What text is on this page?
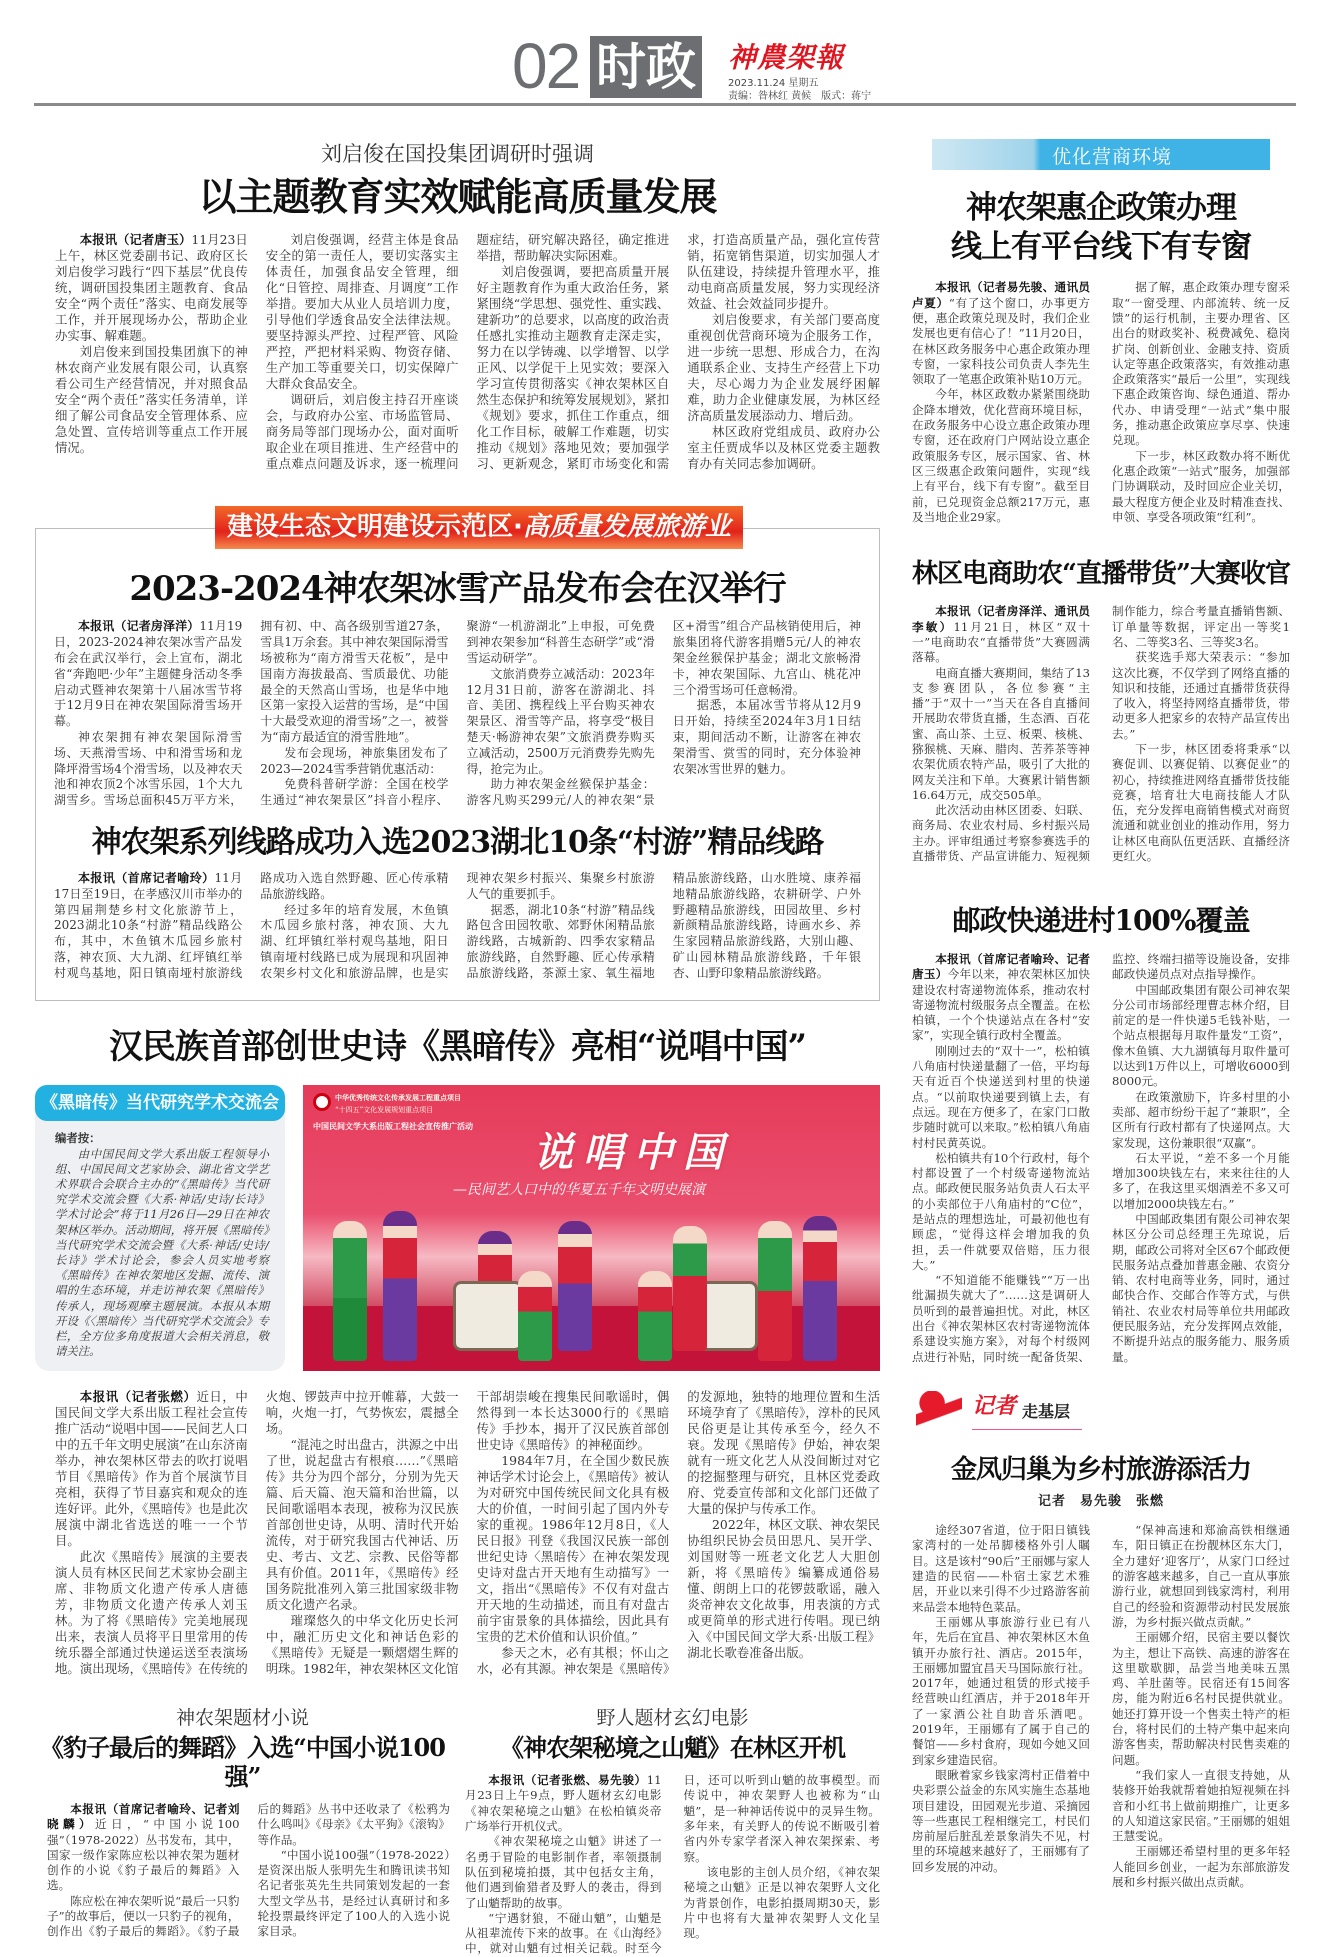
02 时政 神農架報
2023.11.24 星期五
责编：昝林红 黄候　版式：蒋宁
刘启俊在国投集团调研时强调
以主题教育实效赋能高质量发展

本报讯（记者唐玉）11月23日上午，林区党委副书记、政府区长刘启俊学习践行“四下基层”优良传统，调研国投集团主题教育、食品安全“两个责任”落实、电商发展等工作，并开展现场办公，帮助企业办实事、解难题。

刘启俊来到国投集团旗下的神林农商产业发展有限公司，认真察看公司生产经营情况，并对照食品安全“两个责任”落实任务清单，详细了解公司食品安全管理体系、应急处置、宣传培训等重点工作开展情况。

刘启俊强调，经营主体是食品安全的第一责任人，要切实落实主体责任，加强食品安全管理，细化“日管控、周排查、月调度”工作举措。要加大从业人员培训力度，引导他们学透食品安全法律法规。要坚持源头严控、过程严管、风险严控，严把材料采购、物资存储、生产加工等重要关口，切实保障广大群众食品安全。

调研后，刘启俊主持召开座谈会，与政府办公室、市场监管局、商务局等部门现场办公，面对面听取企业在项目推进、生产经营中的重点难点问题及诉求，逐一梳理问题症结，研究解决路径，确定推进举措，帮助解决实际困难。

刘启俊强调，要把高质量开展好主题教育作为重大政治任务，紧紧围绕“学思想、强党性、重实践、建新功”的总要求，以高度的政治责任感扎实推动主题教育走深走实，努力在以学铸魂、以学增智、以学正风、以学促干上见实效；要深入学习宣传贯彻落实《神农架林区自然生态保护和统筹发展规划》，紧扣《规划》要求，抓住工作重点，细化工作目标，破解工作难题，切实推动《规划》落地见效；要加强学习、更新观念，紧盯市场变化和需求，打造高质量产品，强化宣传营销，拓宽销售渠道，切实加强人才队伍建设，持续提升管理水平，推动电商高质量发展，努力实现经济效益、社会效益同步提升。

刘启俊要求，有关部门要高度重视创优营商环境为企服务工作，进一步统一思想、形成合力，在沟通联系企业、支持生产经营上下功夫，尽心竭力为企业发展纾困解难，助力企业健康发展，为林区经济高质量发展添动力、增后劲。

林区政府党组成员、政府办公室主任贾成华以及林区党委主题教育办有关同志参加调研。

2023-2024神农架冰雪产品发布会在汉举行

本报讯（记者房泽洋）11月19日，2023-2024神农架冰雪产品发布会在武汉举行，会上宣布，湖北省“奔跑吧·少年”主题健身活动冬季启动式暨神农架第十八届冰雪节将于12月9日在神农架国际滑雪场开幕。

神农架拥有神农架国际滑雪场、天燕滑雪场、中和滑雪场和龙降坪滑雪场4个滑雪场，以及神农天池和神农顶2个冰雪乐园，1个大九湖雪乡。雪场总面积45万平方米，拥有初、中、高各级别雪道27条，雪具1万余套。其中神农架国际滑雪场被称为“南方滑雪天花板”，是中国南方海拔最高、雪质最优、功能最全的天然高山雪场，也是华中地区第一家投入运营的雪场，是“中国十大最受欢迎的滑雪场”之一，被誉为“南方最适宜的滑雪胜地”。

发布会现场，神旅集团发布了2023—2024雪季营销优惠活动：

免费科普研学游：全国在校学生通过“神农架景区”抖音小程序、聚游“一机游湖北”上申报，可免费到神农架参加“科普生态研学”或“滑雪运动研学”。

文旅消费券立减活动：2023年12月31日前，游客在游湖北、抖音、美团、携程线上平台购买神农架景区、滑雪等产品，将享受“极目楚天·畅游神农架”文旅消费券购买立减活动，2500万元消费券先购先得，抢完为止。

助力神农架金丝猴保护基金：游客凡购买299元/人的神农架“景区+滑雪”组合产品核销使用后，神旅集团将代游客捐赠5元/人的神农架金丝猴保护基金；湖北文旅畅滑卡，神农架国际、九宫山、桃花冲三个滑雪场可任意畅滑。

据悉，本届冰雪节将从12月9日开始，持续至2024年3月1日结束，期间活动不断，让游客在神农架滑雪、赏雪的同时，充分体验神农架冰雪世界的魅力。

神农架系列线路成功入选2023湖北10条“村游”精品线路

本报讯（首席记者喻玲）11月17日至19日，在孝感汉川市举办的第四届荆楚乡村文化旅游节上，2023湖北10条“村游”精品线路公布，其中，木鱼镇木瓜园乡旅村落，神农顶、大九湖、红坪镇红举村观鸟基地，阳日镇南垭村旅游线路成功入选自然野趣、匠心传承精品旅游线路。

经过多年的培育发展，木鱼镇木瓜园乡旅村落，神农顶、大九湖、红坪镇红举村观鸟基地，阳日镇南垭村线路已成为展现和巩固神农架乡村文化和旅游品牌，也是实现神农架乡村振兴、集聚乡村旅游人气的重要抓手。

据悉，湖北10条“村游”精品线路包含田园牧歌、郊野休闲精品旅游线路，古城新韵、四季农家精品旅游线路，自然野趣、匠心传承精品旅游线路，茶源土家、氧生福地精品旅游线路，山水胜境、康养福地精品旅游线路，农耕研学、户外野趣精品旅游线，田园故里、乡村新颜精品旅游线路，诗画水乡、养生家园精品旅游线路，大别山趣、矿山园林精品旅游线路，千年银杏、山野印象精品旅游线路。

建设生态文明建设示范区·高质量发展旅游业
汉民族首部创世史诗《黑暗传》亮相“说唱中国”
《黑暗传》当代研究学术交流会
编者按：
由中国民间文学大系出版工程领导小组、中国民间文艺家协会、湖北省文学艺术界联合会联合主办的“《黑暗传》当代研究学术交流会暨《大系·神话/史诗/长诗》学术讨论会”将于11月26日—29日在神农架林区举办。活动期间，将开展《黑暗传》当代研究学术交流会暨《大系·神话/史诗/长诗》学术讨论会，参会人员实地考察《黑暗传》在神农架地区发掘、流传、演唱的生态环境，并走访神农架《黑暗传》传承人，现场观摩主题展演。本报从本期开设《〈黑暗传〉当代研究学术交流会》专栏，全方位多角度报道大会相关消息，敬请关注。
中华优秀传统文化传承发展工程重点项目
“十四五”文化发展规划重点项目
中国民间文学大系出版工程社会宣传推广活动
说唱中国
—民间艺人口中的华夏五千年文明史展演

本报讯（记者张燃）近日，中国民间文学大系出版工程社会宣传推广活动“说唱中国——民间艺人口中的五千年文明史展演”在山东济南举办，神农架林区带去的吹打说唱节目《黑暗传》作为首个展演节目亮相，获得了节目嘉宾和观众的连连好评。此外，《黑暗传》也是此次展演中湖北省选送的唯一一个节目。

此次《黑暗传》展演的主要表演人员有林区民间艺术家协会副主席、非物质文化遗产传承人唐德芳，非物质文化遗产传承人刘玉林。为了将《黑暗传》完美地展现出来，表演人员将平日里常用的传统乐器全部通过快递运送至表演场地。演出现场，《黑暗传》在传统的火炮、锣鼓声中拉开帷幕，大鼓一响，火炮一打，气势恢宏，震撼全场。

“混沌之时出盘古，洪源之中出了世，说起盘古有根痕……”《黑暗传》共分为四个部分，分别为先天篇、后天篇、泡天篇和治世篇，以民间歌谣唱本表现，被称为汉民族首部创世史诗，从明、清时代开始流传，对于研究我国古代神话、历史、考古、文艺、宗教、民俗等都具有价值。2011年，《黑暗传》经国务院批准列入第三批国家级非物质文化遗产名录。

璀璨悠久的中华文化历史长河中，融汇历史文化和神话色彩的《黑暗传》无疑是一颗熠熠生辉的明珠。1982年，神农架林区文化馆干部胡崇峻在搜集民间歌谣时，偶然得到一本长达3000行的《黑暗传》手抄本，揭开了汉民族首部创世史诗《黑暗传》的神秘面纱。

1984年7月，在全国少数民族神话学术讨论会上，《黑暗传》被认为对研究中国传统民间文化具有极大的价值，一时间引起了国内外专家的重视。1986年12月8日，《人民日报》刊登《我国汉民族一部创世纪史诗〈黑暗传〉在神农架发现 史诗对盘古开天地有生动描写》一文，指出“《黑暗传》不仅有对盘古开天地的生动描述，而且有对盘古前宇宙景象的具体描绘，因此具有宝贵的艺术价值和认识价值。”

参天之木，必有其根；怀山之水，必有其源。神农架是《黑暗传》的发源地，独特的地理位置和生活环境孕育了《黑暗传》，淳朴的民风民俗更是让其传承至今，经久不衰。发现《黑暗传》伊始，神农架就有一班文化艺人从没间断过对它的挖掘整理与研究，且林区党委政府、党委宣传部和文化部门还做了大量的保护与传承工作。

2022年，林区文联、神农架民协组织民协会员田思凡、吴开学、刘国财等一班老文化艺人大胆创新，将《黑暗传》编纂成通俗易懂、朗朗上口的花锣鼓歌谣，融入炎帝神农文化故事，用表演的方式或更简单的形式进行传唱。现已纳入《中国民间文学大系·出版工程》湖北长歌卷准备出版。

神农架题材小说
《豹子最后的舞蹈》入选“中国小说100强”

本报讯（首席记者喻玲、记者刘晓麟）近日，“中国小说100强”（1978-2022）丛书发布，其中，国家一级作家陈应松以神农架为题材创作的小说《豹子最后的舞蹈》入选。

陈应松在神农架听说“最后一只豹子”的故事后，便以一只豹子的视角，创作出《豹子最后的舞蹈》。《豹子最后的舞蹈》丛书中还收录了《松鸦为什么鸣叫》《母亲》《太平狗》《滚钩》等作品。

“中国小说100强”（1978-2022）是资深出版人张明先生和腾讯读书知名记者张英先生共同策划发起的一套大型文学丛书，是经过认真研讨和多轮投票最终评定了100人的入选小说家目录。

野人题材玄幻电影
《神农架秘境之山魈》在林区开机

本报讯（记者张燃、易先骏）11月23日上午9点，野人题材玄幻电影《神农架秘境之山魈》在松柏镇炎帝广场举行开机仪式。

《神农架秘境之山魈》讲述了一名勇于冒险的电影制作者，率领摄制队伍到秘境拍摄，其中包括女主角，他们遇到偷猎者及野人的袭击，得到了山魈帮助的故事。

“宁遇豺狼，不碰山魈”，山魈是从祖辈流传下来的故事。在《山海经》中，就对山魈有过相关记载。时至今日，还可以听到山魈的故事模型。而传说中，神农架野人也被称为“山魈”，是一种神话传说中的灵异生物。多年来，有关野人的传说不断吸引着省内外专家学者深入神农架探索、考察。

该电影的主创人员介绍，《神农架秘境之山魈》正是以神农架野人文化为背景创作，电影拍摄周期30天，影片中也将有大量神农架野人文化呈现。

优化营商环境
神农架惠企政策办理
线上有平台线下有专窗

本报讯（记者易先骏、通讯员卢夏）“有了这个窗口，办事更方便，惠企政策兑现及时，我们企业发展也更有信心了！”11月20日，在林区政务服务中心惠企政策办理专窗，一家科技公司负责人李先生领取了一笔惠企政策补贴10万元。

今年，林区政数办紧紧围绕助企降本增效，优化营商环境目标，在政务服务中心设立惠企政策办理专窗，还在政府门户网站设立惠企政策服务专区，展示国家、省、林区三级惠企政策问题件，实现“线上有平台，线下有专窗”。截至目前，已兑现资金总额217万元，惠及当地企业29家。

据了解，惠企政策办理专窗采取“一窗受理、内部流转、统一反馈”的运行机制，主要办理省、区出台的财政奖补、税费减免、稳岗扩岗、创新创业、金融支持、资质认定等惠企政策落实，有效推动惠企政策落实“最后一公里”，实现线下惠企政策咨询、绿色通道、帮办代办、申请受理“一站式”集中服务，推动惠企政策应享尽享、快速兑现。

下一步，林区政数办将不断优化惠企政策“一站式”服务，加强部门协调联动，及时回应企业关切，最大程度方便企业及时精准查找、申领、享受各项政策“红利”。

林区电商助农“直播带货”大赛收官

本报讯（记者房泽洋、通讯员李敏）11月21日，林区“双十一”电商助农“直播带货”大赛圆满落幕。

电商直播大赛期间，集结了13支参赛团队，各位参赛“主播”于“双十一”当天在各自直播间开展助农带货直播，生态酒、百花蜜、高山茶、土豆、板栗、核桃、猕猴桃、天麻、腊肉、苦荞茶等神农架优质农特产品，吸引了大批的网友关注和下单。大赛累计销售额16.64万元，成交505单。

此次活动由林区团委、妇联、商务局、农业农村局、乡村振兴局主办。评审组通过考察参赛选手的直播带货、产品宣讲能力、短视频制作能力，综合考量直播销售额、订单量等数据，评定出一等奖1名、二等奖3名、三等奖3名。

获奖选手郑大荣表示：“参加这次比赛，不仅学到了网络直播的知识和技能，还通过直播带货获得了收入，将坚持网络直播带货，带动更多人把家乡的农特产品宣传出去。”

下一步，林区团委将秉承“以赛促训、以赛促销、以赛促业”的初心，持续推进网络直播带货技能竞赛，培育壮大电商技能人才队伍，充分发挥电商销售模式对商贸流通和就业创业的推动作用，努力让林区电商队伍更活跃、直播经济更红火。

邮政快递进村100%覆盖

本报讯（首席记者喻玲、记者唐玉）今年以来，神农架林区加快建设农村寄递物流体系，推动农村寄递物流村级服务点全覆盖。在松柏镇，一个个快递站点在各村“安家”，实现全镇行政村全覆盖。

刚刚过去的“双十一”，松柏镇八角庙村快递量翻了一倍，平均每天有近百个快递送到村里的快递点。“以前取快递要到镇上去，有点远。现在方便多了，在家门口散步随时就可以来取。”松柏镇八角庙村村民黄英说。

松柏镇共有10个行政村，每个村都设置了一个村级寄递物流站点。邮政便民服务站负责人石太平的小卖部位于八角庙村的“C位”，是站点的理想选址，可最初他也有顾虑，“觉得这样会增加我的负担，丢一件就要双倍赔，压力很大。”

“不知道能不能赚钱”“万一出纰漏损失就大了”……这是调研人员听到的最普遍担忧。对此，林区出台《神农架林区农村寄递物流体系建设实施方案》，对每个村级网点进行补贴，同时统一配备货架、监控、终端扫描等设施设备，安排邮政快递员点对点指导操作。

中国邮政集团有限公司神农架分公司市场部经理曹志林介绍，目前定的是一件快递5毛钱补贴，一个站点根据每月取件量发“工资”，像木鱼镇、大九湖镇每月取件量可以达到1万件以上，可增收6000到8000元。

在政策激励下，许多村里的小卖部、超市纷纷干起了“兼职”，全区所有行政村都有了快递网点。大家发现，这份兼职很“双赢”。

石太平说，“差不多一个月能增加300块钱左右，来来往往的人多了，在我这里买烟酒差不多又可以增加2000块钱左右。”

中国邮政集团有限公司神农架林区分公司总经理王先琼说，后期，邮政公司将对全区67个邮政便民服务站点叠加普惠金融、农资分销、农村电商等业务，同时，通过邮快合作、交邮合作等方式，与供销社、农业农村局等单位共用邮政便民服务站，充分发挥网点效能，不断提升站点的服务能力、服务质量。

记者 走基层
金凤归巢为乡村旅游添活力
记者　易先骏　张燃

途经307省道，位于阳日镇钱家湾村的一处吊脚楼格外引人瞩目。这是该村“90后”王丽娜与家人建造的民宿——朴宿土家艺术雅居，开业以来引得不少过路游客前来品尝本地特色菜品。

王丽娜从事旅游行业已有八年，先后在宜昌、神农架林区木鱼镇开办旅行社、酒店。2015年，王丽娜加盟宜昌天马国际旅行社。2017年，她通过租赁的形式接手经营映山红酒店，并于2018年开了一家酒公社自助音乐酒吧。2019年，王丽娜有了属于自己的餐馆——乡村食府，现如今她又回到家乡建造民宿。

眼瞅着家乡钱家湾村正借着中央彩票公益金的东风实施生态基地项目建设，田园观光步道、采摘园等一些惠民工程相继完工，村民们房前屋后脏乱差景象消失不见，村里的环境越来越好了，王丽娜有了回乡发展的冲动。

“保神高速和郑渝高铁相继通车，阳日镇正在扮靓林区东大门，全力建好‘迎客厅’，从家门口经过的游客越来越多，自己一直从事旅游行业，就想回到钱家湾村，利用自己的经验和资源带动村民发展旅游，为乡村振兴做点贡献。”

王丽娜介绍，民宿主要以餐饮为主，想让下高铁、高速的游客在这里歇歇脚，品尝当地美味五黑鸡、羊肚菌等。民宿还有15间客房，能为附近6名村民提供就业。她还打算开设一个售卖土特产的柜台，将村民们的土特产集中起来向游客售卖，帮助解决村民售卖难的问题。

“我们家人一直很支持她，从装修开始我就帮着她拍短视频在抖音和小红书上做前期推广，让更多的人知道这家民宿。”王丽娜的姐姐王慧雯说。

王丽娜还希望村里的更多年轻人能回乡创业，一起为东部旅游发展和乡村振兴做出点贡献。
